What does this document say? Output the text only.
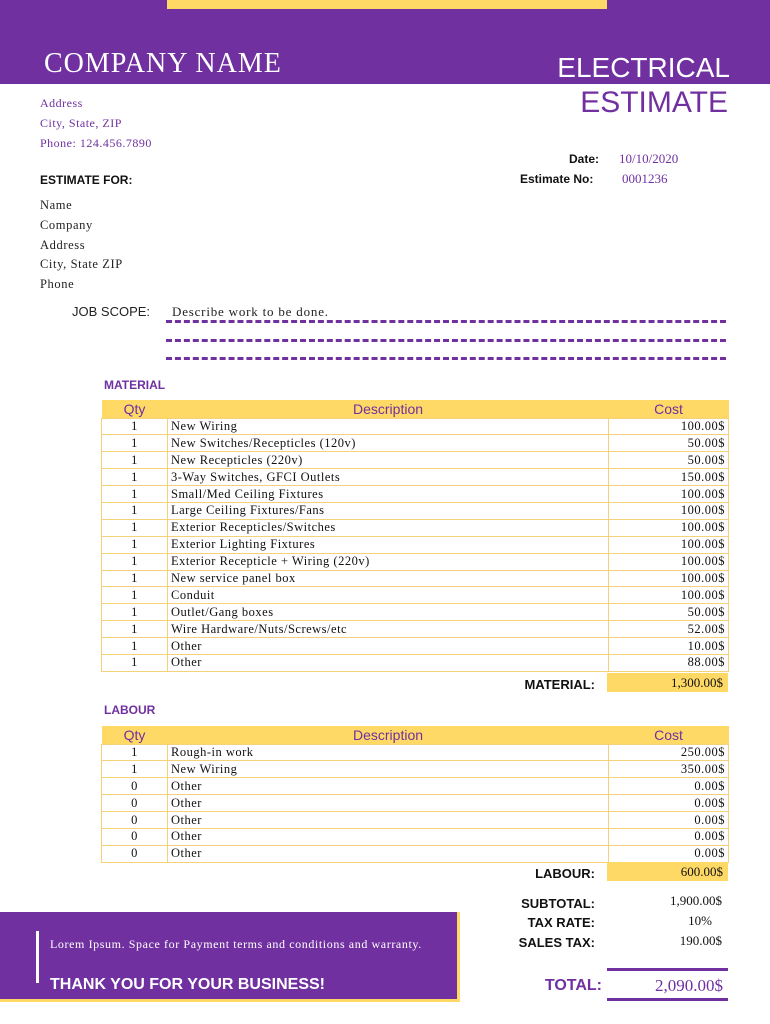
COMPANY NAME	ELECTRICAL
ESTIMATE
Address
City, State, ZIP
Phone: 124.456.7890
Date: 10/10/2020
Estimate No: 0001236
ESTIMATE FOR:
Name
Company
Address
City, State ZIP
Phone
JOB SCOPE: Describe work to be done.
MATERIAL
Qty	Description	Cost
1	New Wiring	100.00$
1	New Switches/Recepticles (120v)	50.00$
1	New Recepticles (220v)	50.00$
1	3-Way Switches, GFCI Outlets	150.00$
1	Small/Med Ceiling Fixtures	100.00$
1	Large Ceiling Fixtures/Fans	100.00$
1	Exterior Recepticles/Switches	100.00$
1	Exterior Lighting Fixtures	100.00$
1	Exterior Recepticle + Wiring (220v)	100.00$
1	New service panel box	100.00$
1	Conduit	100.00$
1	Outlet/Gang boxes	50.00$
1	Wire Hardware/Nuts/Screws/etc	52.00$
1	Other	10.00$
1	Other	88.00$
MATERIAL:	1,300.00$
LABOUR
Qty	Description	Cost
1	Rough-in work	250.00$
1	New Wiring	350.00$
0	Other	0.00$
0	Other	0.00$
0	Other	0.00$
0	Other	0.00$
0	Other	0.00$
LABOUR:	600.00$
SUBTOTAL:	1,900.00$
TAX RATE:	10%
SALES TAX:	190.00$
Lorem Ipsum. Space for Payment terms and conditions and warranty.
THANK YOU FOR YOUR BUSINESS!	TOTAL:	2,090.00$
